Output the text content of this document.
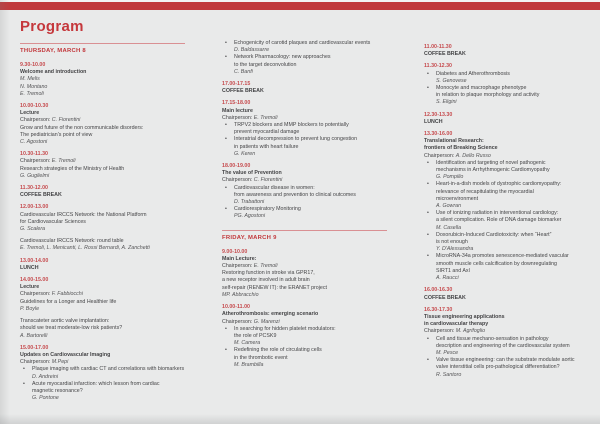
Program
THURSDAY, MARCH 8
9.30-10.00
Welcome and introduction
M. Melis
N. Montano
E. Tremoli
10.00-10.30
Lecture
Chairperson: C. Fiorentini
Grow and future of the non communicable disorders:
The pediatrician's point of view
C. Agostoni
10.30-11.30
Chairperson: E. Tremoli
Research strategies of the Ministry of Health
G. Guglielmi
11.30-12.00
COFFEE BREAK
12.00-13.00
Cardiovascular IRCCS Network: the National Platform
for Cardiovascular Sciences
G. Scalera
Cardiovascular IRCCS Network: round table
E. Tremoli, L. Menicanti, L. Rossi Bernardi, A. Zanchetti
13.00-14.00
LUNCH
14.00-15.00
Lecture
Chairperson: F. Fabbiocchi
Guidelines for a Longer and Healthier life
P. Boyle
Transcateter aortic valve implantation:
should we treat moderate-low risk patients?
A. Bartorelli
15.00-17.00
Updates on Cardiovascular Imaging
Chairperson: M.Pepi
• Plaque imaging with cardiac CT and correlations with biomarkers
D. Andreini
• Acute myocardial infarction: which lesson from cardiac
magnetic resonance?
G. Pontone
• Echogenicity of carotid plaques and cardiovascular events
D. Baldassarre
• Network Pharmacology: new approaches
to the target deconvolution
C. Banfi
17.00-17.15
COFFEE BREAK
17.15-18.00
Main lecture
Chairperson: E. Tremoli
• TRPV2 blockers and MMP blockers to potentially
prevent myocardial damage
• Interatrial decompression to prevent lung congestion
in patients with heart failure
G. Keren
18.00-19.00
The value of Prevention
Chairperson: C. Fiorentini
• Cardiovascular disease in women:
from awareness and prevention to clinical outcomes
D. Trabattoni
• Cardiorespiratory Monitoring
PG. Agostoni
FRIDAY, MARCH 9
9.00-10.00
Main Lecture:
Chairperson: E. Tremoli
Restoring function in stroke via GPR17,
a new receptor involved in adult brain
self-repair (RENEW IT): the ERANET project
MP. Abbracchio
10.00-11.00
Atherothrombosis: emerging scenario
Chairperson: G. Marenzi
• In searching for hidden platelet modulators:
the role of PCSK9
M. Camera
• Redefining the role of circulating cells
in the thrombotic event
M. Brambilla
11.00-11.30
COFFEE BREAK
11.30-12.30
• Diabetes and Atherothrombosis
S. Genovese
• Monocyte and macrophage phenotype
in relation to plaque morphology and activity
S. Eligini
12.30-13.30
LUNCH
13.30-16.00
Translational Research:
frontiers of Breaking Science
Chairperson: A. Dello Russo
• Identification and targeting of novel pathogenic
mechanisms in Arrhythmogenic Cardiomyopathy
G. Pompilio
• Heart-in-a-dish models of dystrophic cardiomyopathy:
relevance of recapitulating the myocardial
microenvironment
A. Gowran
• Use of ionizing radiation in interventional cardiology:
a silent complication. Role of DNA damage biomarker
M. Casella
• Doxorubicin-Induced Cardiotoxicity: when “Heart”
is not enough
Y. D'Alessandra
• MicroRNA-34a promotes senescence-mediated vascular
smooth muscle cells calcification by downregulating
SIRT1 and Axl
A. Raucci
16.00-16.30
COFFEE BREAK
16.30-17.30
Tissue engineering applications
in cardiovascular therapy
Chairperson: M. Agrifoglio
• Cell and tissue mechano-sensation in pathology
description and engineering of the cardiovascular system
M. Pesce
• Valve tissue engineering: can the substrate modulate aortic
valve interstitial cells pro-pathological differentiation?
R. Santoro
